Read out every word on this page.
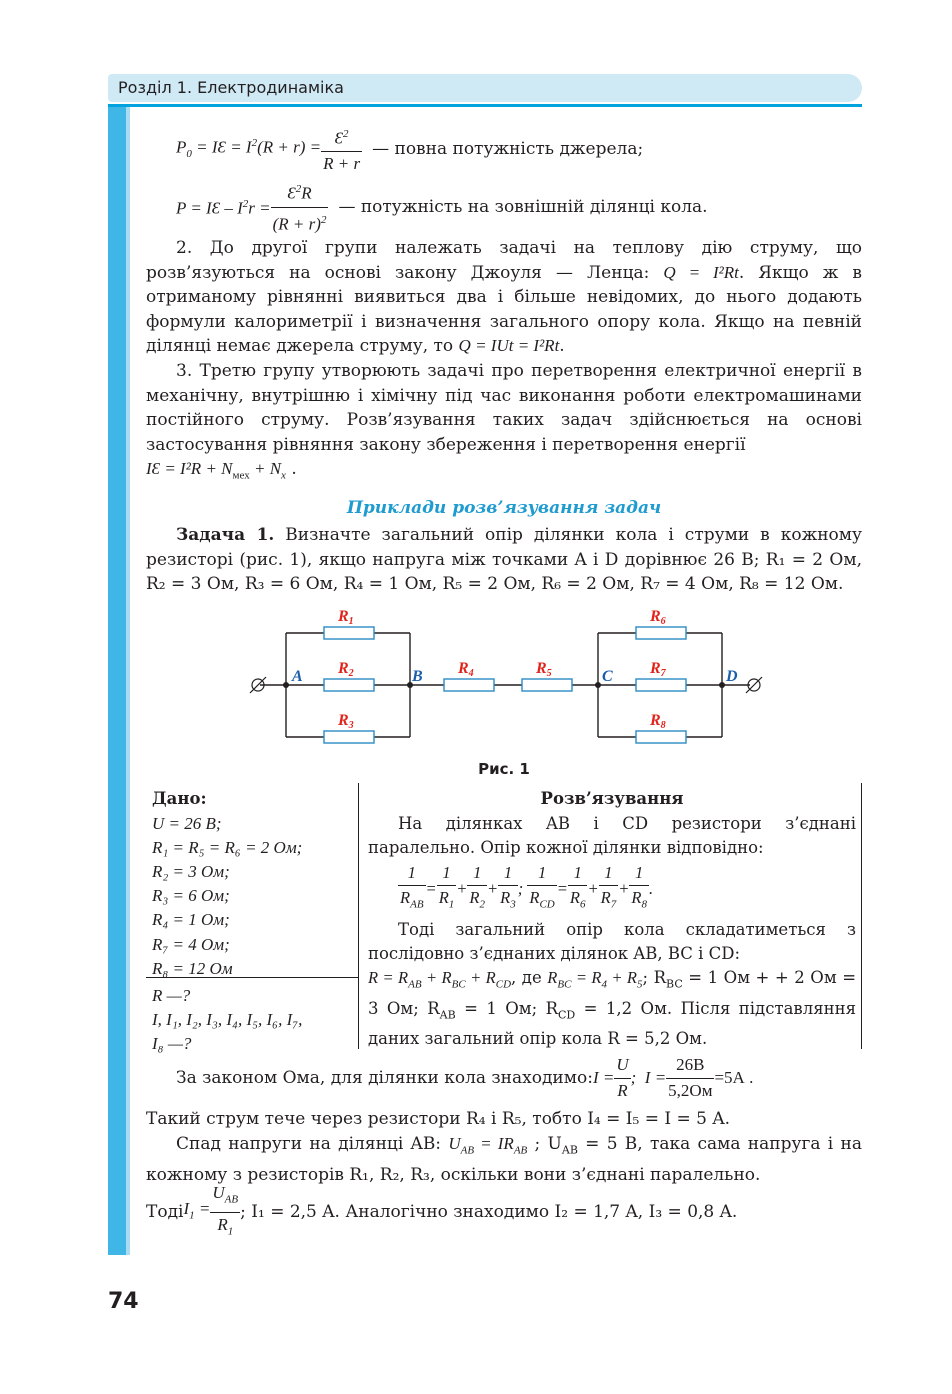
Розділ 1. Електродинаміка
$P_0$ = IƐ = $I^2(R + r) = \frac{Ɛ^2}{R + r}$ — повна потужність джерела;
P = IƐ – $I^2r = \frac{Ɛ^2R}{(R + r)^2}$ — потужність на зовнішній ділянці кола.

2. До другої групи належать задачі на теплову дію струму, що розв’язуються на основі закону Джоуля — Ленца: Q = I²Rt. Якщо ж в отриманому рівнянні виявиться два і більше невідомих, до нього додають формули калориметрії і визначення загального опору кола. Якщо на певній ділянці немає джерела струму, то Q = IUt = I²Rt.

3. Третю групу утворюють задачі про перетворення електричної енергії в механічну, внутрішню і хімічну під час виконання роботи електромашинами постійного струму. Розв’язування таких задач здійснюється на основі застосування рівняння закону збереження і перетворення енергії

IƐ = $I^2R + N_{мех} + N_x$ .

Приклади розв’язування задач

Задача 1. Визначте загальний опір ділянки кола і струми в кожному резисторі (рис. 1), якщо напруга між точками A і D дорівнює 26 В; R₁ = 2 Ом, R₂ = 3 Ом, R₃ = 6 Ом, R₄ = 1 Ом, R₅ = 2 Ом, R₆ = 2 Ом, R₇ = 4 Ом, R₈ = 12 Ом.

R1
R2
R3
R4	R5
R6
R7
R8
A	B	C	D

Рис. 1

Дано:
U = 26 B;
R₁ = R₅ = R₆ = 2 Ом;
R₂ = 3 Ом;
R₃ = 6 Ом;
R₄ = 1 Ом;
R₇ = 4 Ом;
R₈ = 12 Ом
R —?
I, I₁, I₂, I₃, I₄, I₅, I₆, I₇,
I₈ —?
Розв’язування

На ділянках AB і CD резистори з’єднані паралельно. Опір кожної ділянки відповідно:

$\frac{1}{R_{AB}} = \frac{1}{R_1} + \frac{1}{R_2} + \frac{1}{R_3}$ ; $\frac{1}{R_{CD}} = \frac{1}{R_6} + \frac{1}{R_7} + \frac{1}{R_8}$ .

Тоді загальний опір кола складатиметься з послідовно з’єднаних ділянок AB, BC і CD:

$R = R_{AB} + R_{BC} + R_{CD}$, де $R_{BC} = R_4 + R_5$; $R_{BC} = 1$ Ом + + 2 Ом = 3 Ом; $R_{AB} = 1$ Ом; $R_{CD} = 1,2$ Ом. Після підставляння даних загальний опір кола R = 5,2 Ом.

За законом Ома, для ділянки кола знаходимо: $I = \frac{U}{R}$ ;  $I = \frac{26В}{5,2Ом} =5А$ .

Такий струм тече через резистори R₄ і R₅, тобто I₄ = I₅ = I = 5 A.

Спад напруги на ділянці AB: $U_{AB} = IR_{AB}$ ; $U_{AB} = 5$ B, така сама напруга і на кожному з резисторів R₁, R₂, R₃, оскільки вони з’єднані паралельно.

Тоді $I_1 = \frac{U_{AB}}{R_1}$ ; I₁ = 2,5 A. Аналогічно знаходимо I₂ = 1,7 A, I₃ = 0,8 A.
74
